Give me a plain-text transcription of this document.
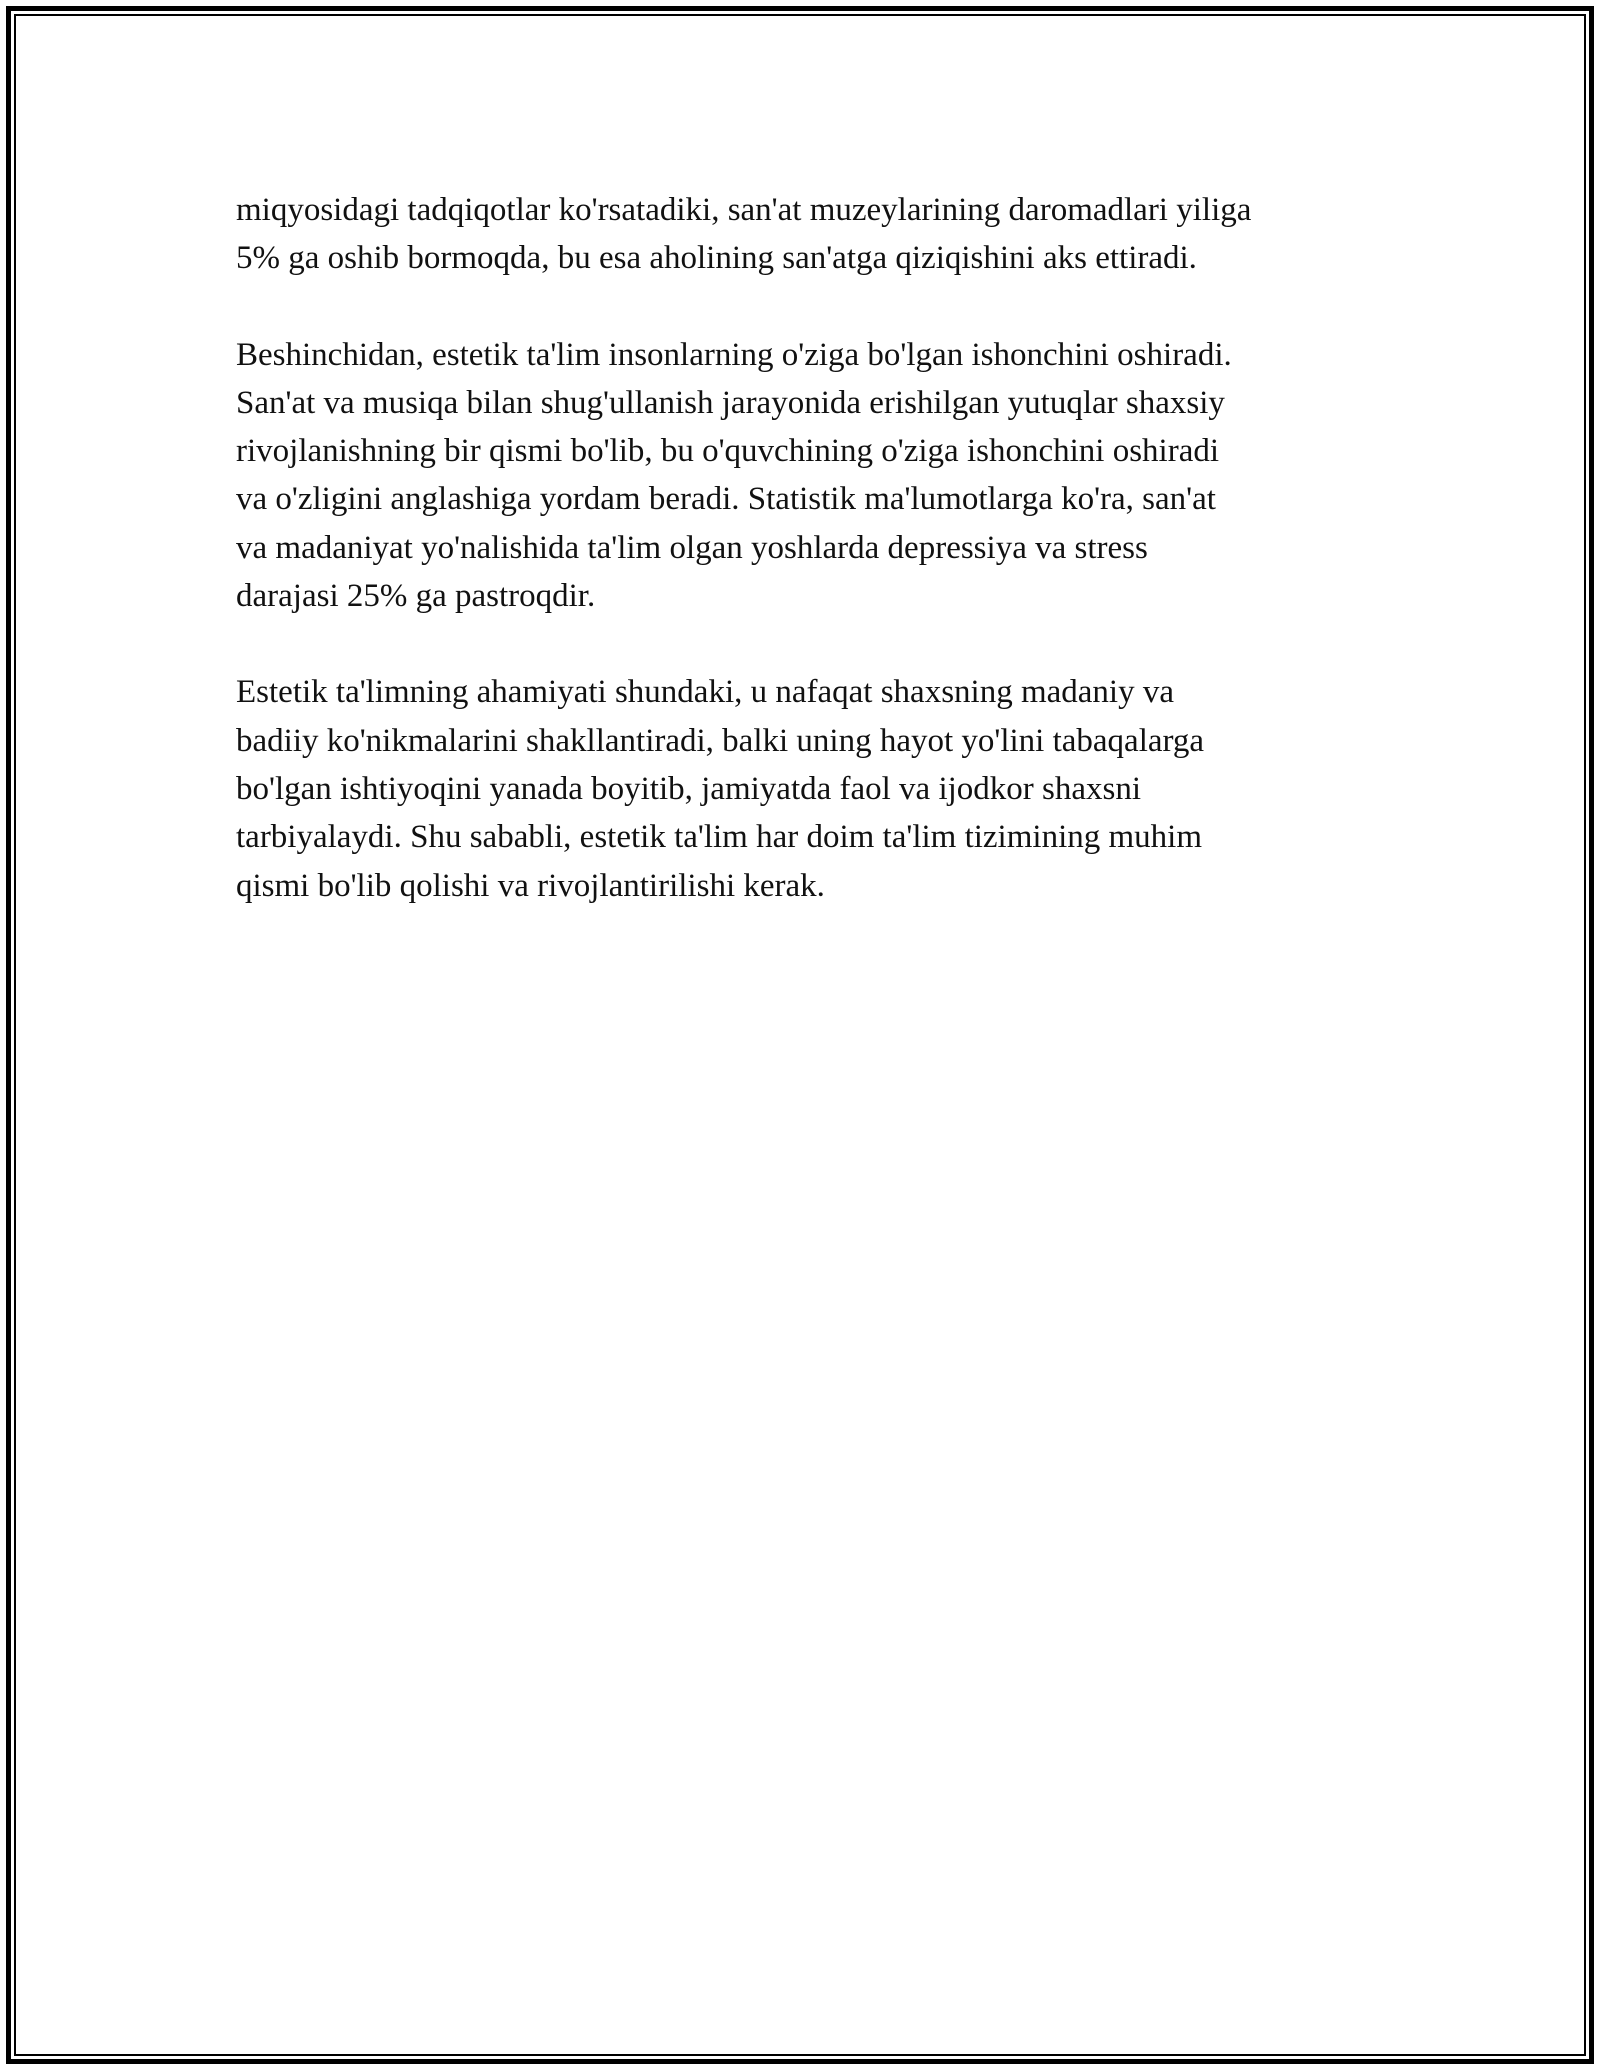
miqyosidagi tadqiqotlar ko'rsatadiki, san'at muzeylarining daromadlari yiliga
5% ga oshib bormoqda, bu esa aholining san'atga qiziqishini aks ettiradi.

Beshinchidan, estetik ta'lim insonlarning o'ziga bo'lgan ishonchini oshiradi.
San'at va musiqa bilan shug'ullanish jarayonida erishilgan yutuqlar shaxsiy
rivojlanishning bir qismi bo'lib, bu o'quvchining o'ziga ishonchini oshiradi
va o'zligini anglashiga yordam beradi. Statistik ma'lumotlarga ko'ra, san'at
va madaniyat yo'nalishida ta'lim olgan yoshlarda depressiya va stress
darajasi 25% ga pastroqdir.

Estetik ta'limning ahamiyati shundaki, u nafaqat shaxsning madaniy va
badiiy ko'nikmalarini shakllantiradi, balki uning hayot yo'lini tabaqalarga
bo'lgan ishtiyoqini yanada boyitib, jamiyatda faol va ijodkor shaxsni
tarbiyalaydi. Shu sababli, estetik ta'lim har doim ta'lim tizimining muhim
qismi bo'lib qolishi va rivojlantirilishi kerak.
